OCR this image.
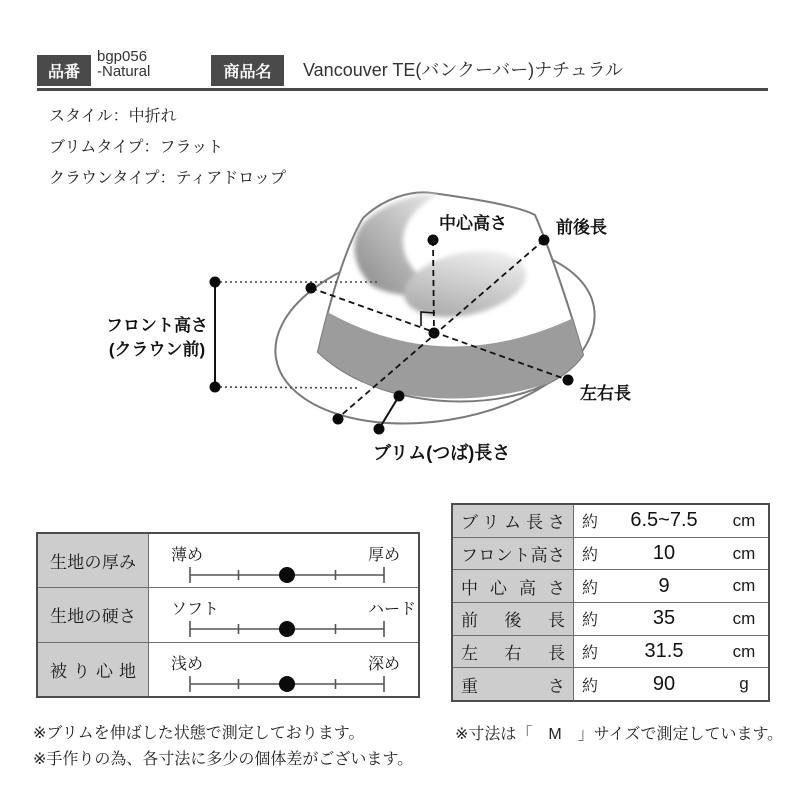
品番
bgp056
-Natural	商品名 Vancouver TE(バンクーバー)ナチュラル
スタイル：中折れ
ブリムタイプ：フラット
クラウンタイプ：ティアドロップ
中心高さ	前後長
フロント高さ
(クラウン前)
左右長
ブリム(つば)長さ
生地の厚み	薄め	厚め
生地の硬さ	ソフト	ハード
被り心地	浅め	深め
ブリム長さ	約	6.5~7.5	cm
フロント高さ	約	10	cm
中心高さ	約	9	cm
前後長	約	35	cm
左右長	約	31.5	cm
重さ	約	90	g
※ブリムを伸ばした状態で測定しております。
※手作りの為、各寸法に多少の個体差がございます。
※寸法は「　M　」サイズで測定しています。
